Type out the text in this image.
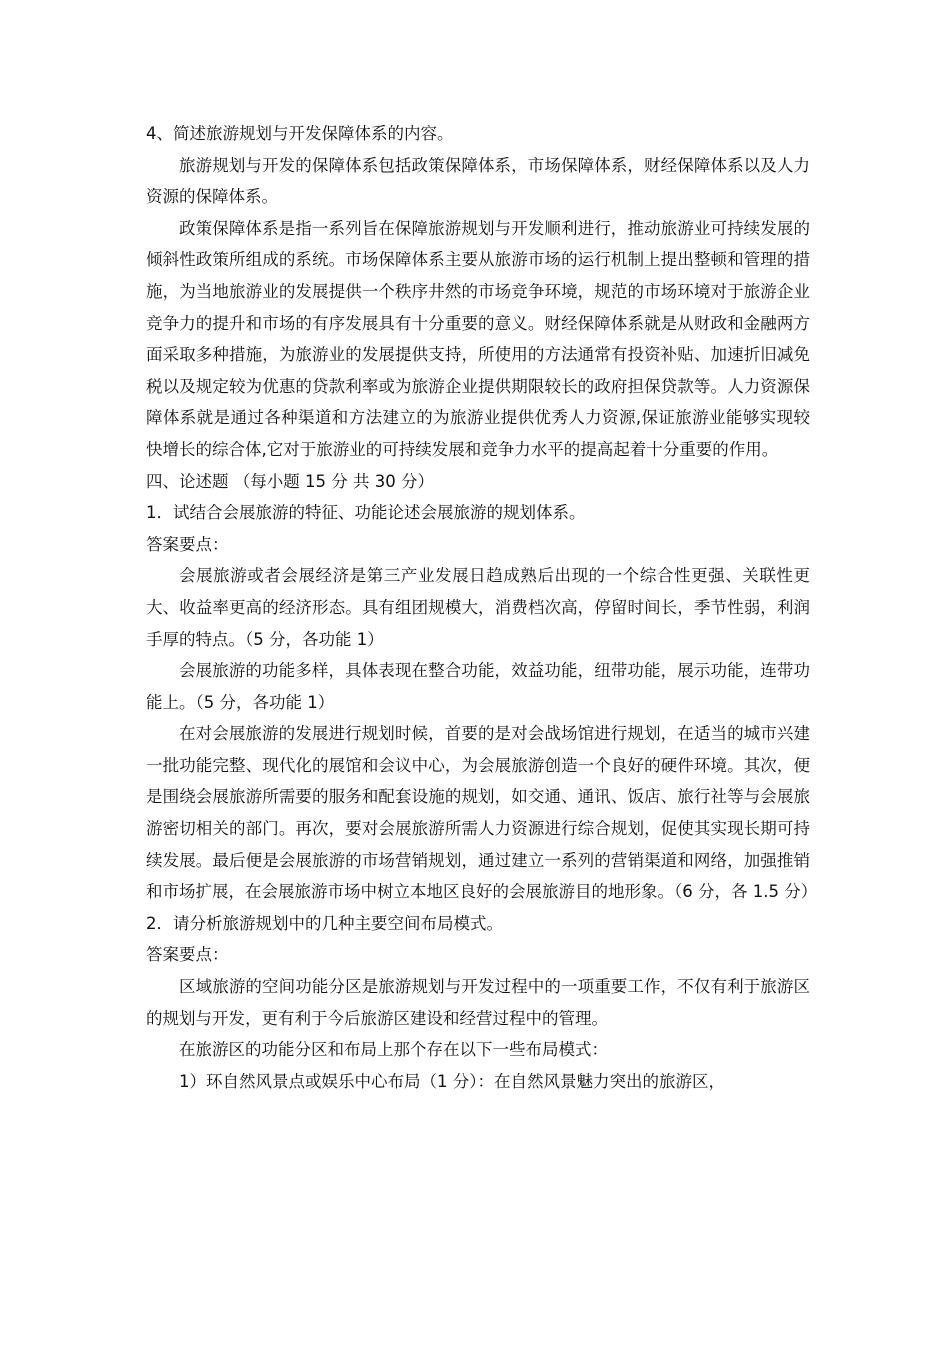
4、简述旅游规划与开发保障体系的内容。

旅游规划与开发的保障体系包括政策保障体系，市场保障体系，财经保障体系以及人力资源的保障体系。

政策保障体系是指一系列旨在保障旅游规划与开发顺利进行，推动旅游业可持续发展的倾斜性政策所组成的系统。市场保障体系主要从旅游市场的运行机制上提出整顿和管理的措施，为当地旅游业的发展提供一个秩序井然的市场竞争环境，规范的市场环境对于旅游企业竞争力的提升和市场的有序发展具有十分重要的意义。财经保障体系就是从财政和金融两方面采取多种措施，为旅游业的发展提供支持，所使用的方法通常有投资补贴、加速折旧减免税以及规定较为优惠的贷款利率或为旅游企业提供期限较长的政府担保贷款等。人力资源保障体系就是通过各种渠道和方法建立的为旅游业提供优秀人力资源,保证旅游业能够实现较快增长的综合体,它对于旅游业的可持续发展和竞争力水平的提高起着十分重要的作用。

四、论述题 （每小题 15 分 共 30 分）

1．试结合会展旅游的特征、功能论述会展旅游的规划体系。

答案要点：

会展旅游或者会展经济是第三产业发展日趋成熟后出现的一个综合性更强、关联性更大、收益率更高的经济形态。具有组团规模大，消费档次高，停留时间长，季节性弱，利润手厚的特点。（5 分，各功能 1）

会展旅游的功能多样，具体表现在整合功能，效益功能，纽带功能，展示功能，连带功能上。（5 分，各功能 1）

在对会展旅游的发展进行规划时候，首要的是对会战场馆进行规划，在适当的城市兴建一批功能完整、现代化的展馆和会议中心，为会展旅游创造一个良好的硬件环境。其次，便是围绕会展旅游所需要的服务和配套设施的规划，如交通、通讯、饭店、旅行社等与会展旅游密切相关的部门。再次，要对会展旅游所需人力资源进行综合规划，促使其实现长期可持续发展。最后便是会展旅游的市场营销规划，通过建立一系列的营销渠道和网络，加强推销和市场扩展，在会展旅游市场中树立本地区良好的会展旅游目的地形象。（6 分，各 1.5 分）

2．请分析旅游规划中的几种主要空间布局模式。

答案要点：

区域旅游的空间功能分区是旅游规划与开发过程中的一项重要工作，不仅有利于旅游区的规划与开发，更有利于今后旅游区建设和经营过程中的管理。

在旅游区的功能分区和布局上那个存在以下一些布局模式：

1）环自然风景点或娱乐中心布局（1 分）：在自然风景魅力突出的旅游区，
